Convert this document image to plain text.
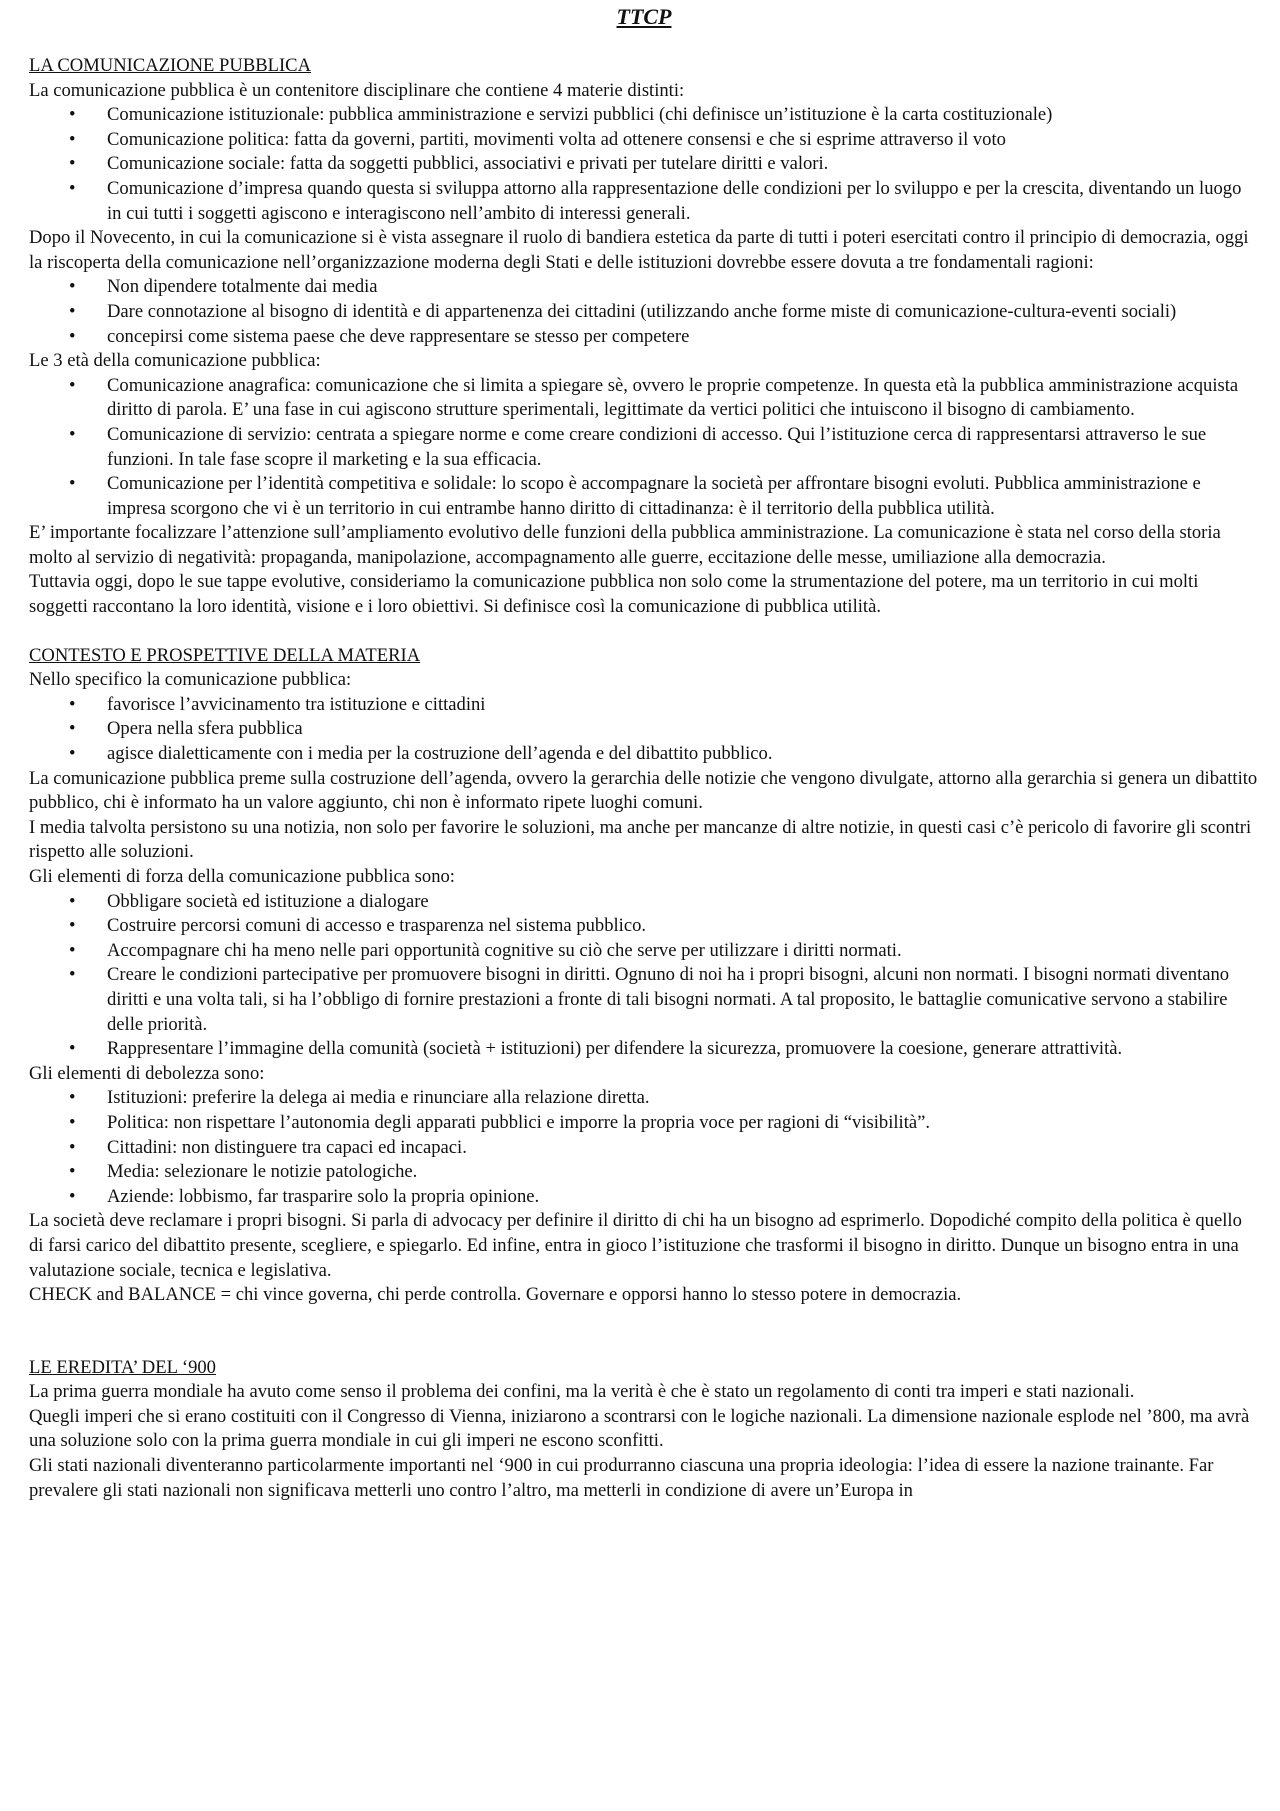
TTCP
LA COMUNICAZIONE PUBBLICA

La comunicazione pubblica è un contenitore disciplinare che contiene 4 materie distinti:

• Comunicazione istituzionale: pubblica amministrazione e servizi pubblici (chi definisce un’istituzione è la carta costituzionale)
• Comunicazione politica: fatta da governi, partiti, movimenti volta ad ottenere consensi e che si esprime attraverso il voto
• Comunicazione sociale: fatta da soggetti pubblici, associativi e privati per tutelare diritti e valori.
• Comunicazione d’impresa quando questa si sviluppa attorno alla rappresentazione delle condizioni per lo sviluppo e per la crescita, diventando un luogo in cui tutti i soggetti agiscono e interagiscono nell’ambito di interessi generali.

Dopo il Novecento, in cui la comunicazione si è vista assegnare il ruolo di bandiera estetica da parte di tutti i poteri esercitati contro il principio di democrazia, oggi la riscoperta della comunicazione nell’organizzazione moderna degli Stati e delle istituzioni dovrebbe essere dovuta a tre fondamentali ragioni:

• Non dipendere totalmente dai media
• Dare connotazione al bisogno di identità e di appartenenza dei cittadini (utilizzando anche forme miste di comunicazione-cultura-eventi sociali)
• concepirsi come sistema paese che deve rappresentare se stesso per competere

Le 3 età della comunicazione pubblica:

• Comunicazione anagrafica: comunicazione che si limita a spiegare sè, ovvero le proprie competenze. In questa età la pubblica amministrazione acquista diritto di parola. E’ una fase in cui agiscono strutture sperimentali, legittimate da vertici politici che intuiscono il bisogno di cambiamento.
• Comunicazione di servizio: centrata a spiegare norme e come creare condizioni di accesso. Qui l’istituzione cerca di rappresentarsi attraverso le sue funzioni. In tale fase scopre il marketing e la sua efficacia.
• Comunicazione per l’identità competitiva e solidale: lo scopo è accompagnare la società per affrontare bisogni evoluti. Pubblica amministrazione e impresa scorgono che vi è un territorio in cui entrambe hanno diritto di cittadinanza: è il territorio della pubblica utilità.

E’ importante focalizzare l’attenzione sull’ampliamento evolutivo delle funzioni della pubblica amministrazione. La comunicazione è stata nel corso della storia molto al servizio di negatività: propaganda, manipolazione, accompagnamento alle guerre, eccitazione delle messe, umiliazione alla democrazia.

Tuttavia oggi, dopo le sue tappe evolutive, consideriamo la comunicazione pubblica non solo come la strumentazione del potere, ma un territorio in cui molti soggetti raccontano la loro identità, visione e i loro obiettivi. Si definisce così la comunicazione di pubblica utilità.

CONTESTO E PROSPETTIVE DELLA MATERIA

Nello specifico la comunicazione pubblica:

• favorisce l’avvicinamento tra istituzione e cittadini
• Opera nella sfera pubblica
• agisce dialetticamente con i media per la costruzione dell’agenda e del dibattito pubblico.

La comunicazione pubblica preme sulla costruzione dell’agenda, ovvero la gerarchia delle notizie che vengono divulgate, attorno alla gerarchia si genera un dibattito pubblico, chi è informato ha un valore aggiunto, chi non è informato ripete luoghi comuni.

I media talvolta persistono su una notizia, non solo per favorire le soluzioni, ma anche per mancanze di altre notizie, in questi casi c’è pericolo di favorire gli scontri rispetto alle soluzioni.

Gli elementi di forza della comunicazione pubblica sono:

• Obbligare società ed istituzione a dialogare
• Costruire percorsi comuni di accesso e trasparenza nel sistema pubblico.
• Accompagnare chi ha meno nelle pari opportunità cognitive su ciò che serve per utilizzare i diritti normati.
• Creare le condizioni partecipative per promuovere bisogni in diritti. Ognuno di noi ha i propri bisogni, alcuni non normati. I bisogni normati diventano diritti e una volta tali, si ha l’obbligo di fornire prestazioni a fronte di tali bisogni normati. A tal proposito, le battaglie comunicative servono a stabilire delle priorità.
• Rappresentare l’immagine della comunità (società + istituzioni) per difendere la sicurezza, promuovere la coesione, generare attrattività.

Gli elementi di debolezza sono:

• Istituzioni: preferire la delega ai media e rinunciare alla relazione diretta.
• Politica: non rispettare l’autonomia degli apparati pubblici e imporre la propria voce per ragioni di “visibilità”.
• Cittadini: non distinguere tra capaci ed incapaci.
• Media: selezionare le notizie patologiche.
• Aziende: lobbismo, far trasparire solo la propria opinione.

La società deve reclamare i propri bisogni. Si parla di advocacy per definire il diritto di chi ha un bisogno ad esprimerlo. Dopodiché compito della politica è quello di farsi carico del dibattito presente, scegliere, e spiegarlo. Ed infine, entra in gioco l’istituzione che trasformi il bisogno in diritto. Dunque un bisogno entra in una valutazione sociale, tecnica e legislativa.

CHECK and BALANCE = chi vince governa, chi perde controlla. Governare e opporsi hanno lo stesso potere in democrazia.

LE EREDITA’ DEL ‘900

La prima guerra mondiale ha avuto come senso il problema dei confini, ma la verità è che è stato un regolamento di conti tra imperi e stati nazionali.

Quegli imperi che si erano costituiti con il Congresso di Vienna, iniziarono a scontrarsi con le logiche nazionali. La dimensione nazionale esplode nel ’800, ma avrà una soluzione solo con la prima guerra mondiale in cui gli imperi ne escono sconfitti.

Gli stati nazionali diventeranno particolarmente importanti nel ‘900 in cui produrranno ciascuna una propria ideologia: l’idea di essere la nazione trainante. Far prevalere gli stati nazionali non significava metterli uno contro l’altro, ma metterli in condizione di avere un’Europa in
